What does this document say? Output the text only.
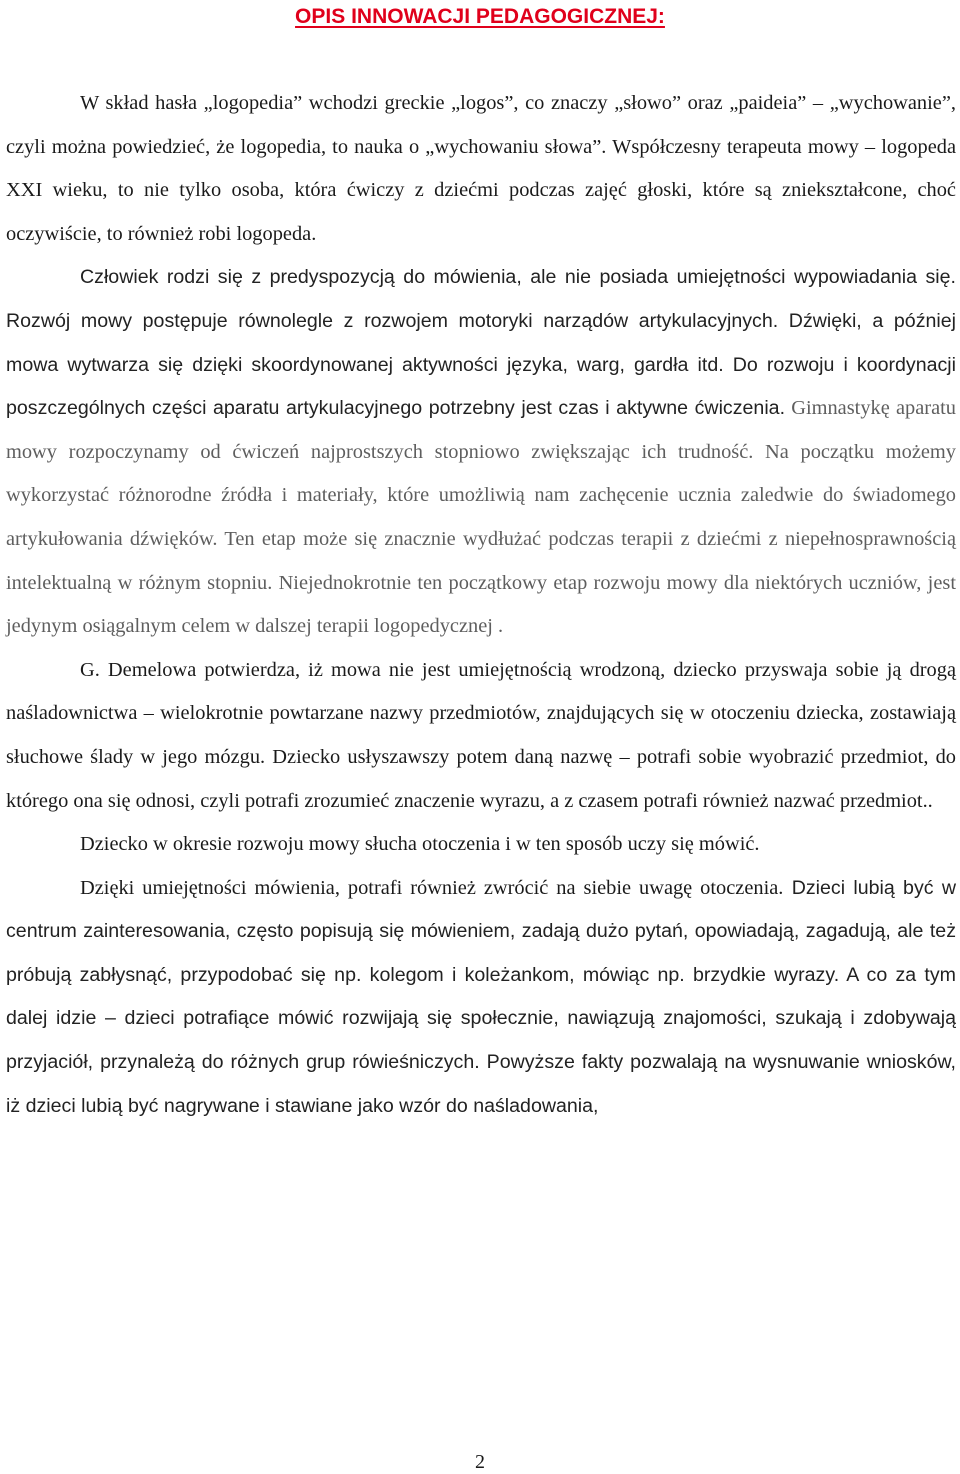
OPIS INNOWACJI PEDAGOGICZNEJ:

W skład hasła „logopedia” wchodzi greckie „logos”, co znaczy „słowo” oraz „paideia” – „wychowanie”, czyli można powiedzieć, że logopedia, to nauka o „wychowaniu słowa”. Współczesny terapeuta mowy – logopeda XXI wieku, to nie tylko osoba, która ćwiczy z dziećmi podczas zajęć głoski, które są zniekształcone, choć oczywiście, to również robi logopeda.

Człowiek rodzi się z predyspozycją do mówienia, ale nie posiada umiejętności wypowiadania się. Rozwój mowy postępuje równolegle z rozwojem motoryki narządów artykulacyjnych. Dźwięki, a później mowa wytwarza się dzięki skoordynowanej aktywności języka, warg, gardła itd. Do rozwoju i koordynacji poszczególnych części aparatu artykulacyjnego potrzebny jest czas i aktywne ćwiczenia. Gimnastykę aparatu mowy rozpoczynamy od ćwiczeń najprostszych stopniowo zwiększając ich trudność. Na początku możemy wykorzystać różnorodne źródła i materiały, które umożliwią nam zachęcenie ucznia zaledwie do świadomego artykułowania dźwięków. Ten etap może się znacznie wydłużać podczas terapii z dziećmi z niepełnosprawnością intelektualną w różnym stopniu. Niejednokrotnie ten początkowy etap rozwoju mowy dla niektórych uczniów, jest jedynym osiągalnym celem w dalszej terapii logopedycznej .

G. Demelowa potwierdza, iż mowa nie jest umiejętnością wrodzoną, dziecko przyswaja sobie ją drogą naśladownictwa – wielokrotnie powtarzane nazwy przedmiotów, znajdujących się w otoczeniu dziecka, zostawiają słuchowe ślady w jego mózgu. Dziecko usłyszawszy potem daną nazwę – potrafi sobie wyobrazić przedmiot, do którego ona się odnosi, czyli potrafi zrozumieć znaczenie wyrazu, a z czasem potrafi również nazwać przedmiot..

Dziecko w okresie rozwoju mowy słucha otoczenia i w ten sposób uczy się mówić.

Dzięki umiejętności mówienia, potrafi również zwrócić na siebie uwagę otoczenia. Dzieci lubią być w centrum zainteresowania, często popisują się mówieniem, zadają dużo pytań, opowiadają, zagadują, ale też próbują zabłysnąć, przypodobać się np. kolegom i koleżankom, mówiąc np. brzydkie wyrazy. A co za tym dalej idzie – dzieci potrafiące mówić rozwijają się społecznie, nawiązują znajomości, szukają i zdobywają przyjaciół, przynależą do różnych grup rówieśniczych. Powyższe fakty pozwalają na wysnuwanie wniosków, iż dzieci lubią być nagrywane i stawiane jako wzór do naśladowania,

2
